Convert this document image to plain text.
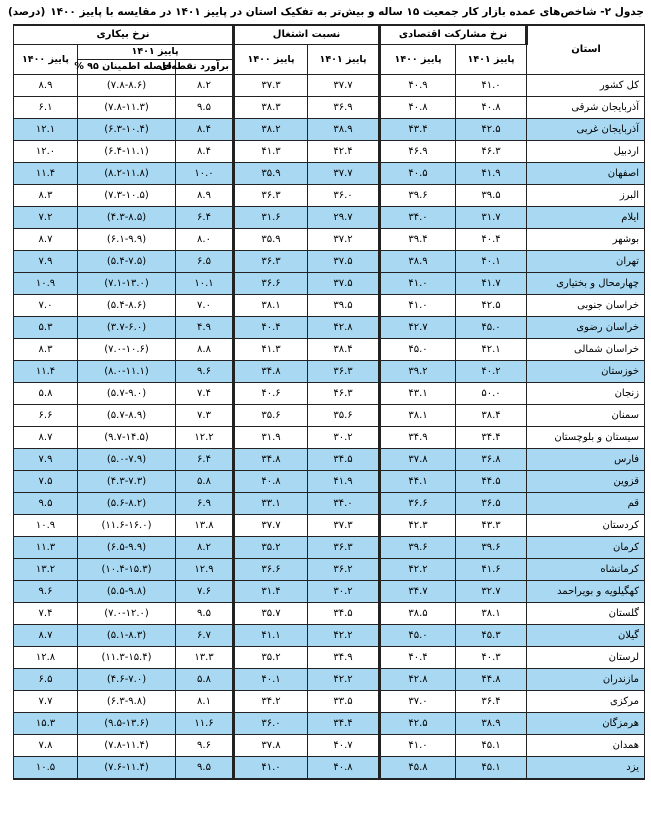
جدول ۲- شاخص‌های عمده بازار کار جمعیت ۱۵ ساله و بیش‌تر به تفکیک استان در پاییز ۱۴۰۱ در مقایسه با پاییز ۱۴۰۰
(درصد)
استان	نرخ مشارکت اقتصادی		نسبت اشتغال		نرخ بیکاری		
	پاییز ۱۴۰۱	پاییز ۱۴۰۰	پاییز ۱۴۰۱	پاییز ۱۴۰۰	پاییز ۱۴۰۱		پاییز ۱۴۰۰
					برآورد نقطه‌ای	فاصله اطمینان ۹۵ %	
کل کشور	۴۱.۰	۴۰.۹	۳۷.۷	۳۷.۳	۸.۲	(۷.۸-۸.۶)	۸.۹
آذربایجان شرقی	۴۰.۸	۴۰.۸	۳۶.۹	۳۸.۳	۹.۵	(۷.۸-۱۱.۳)	۶.۱
آذربایجان غربی	۴۲.۵	۴۳.۴	۳۸.۹	۳۸.۲	۸.۴	(۶.۳-۱۰.۴)	۱۲.۱
اردبیل	۴۶.۳	۴۶.۹	۴۲.۴	۴۱.۳	۸.۴	(۶.۴-۱۱.۱)	۱۲.۰
اصفهان	۴۱.۹	۴۰.۵	۳۷.۷	۳۵.۹	۱۰.۰	(۸.۲-۱۱.۸)	۱۱.۴
البرز	۳۹.۵	۳۹.۶	۳۶.۰	۳۶.۳	۸.۹	(۷.۳-۱۰.۵)	۸.۳
ایلام	۳۱.۷	۳۴.۰	۲۹.۷	۳۱.۶	۶.۴	(۴.۳-۸.۵)	۷.۲
بوشهر	۴۰.۴	۳۹.۴	۳۷.۲	۳۵.۹	۸.۰	(۶.۱-۹.۹)	۸.۷
تهران	۴۰.۱	۳۸.۹	۳۷.۵	۳۶.۳	۶.۵	(۵.۴-۷.۵)	۷.۹
چهارمحال و بختیاری	۴۱.۷	۴۱.۰	۳۷.۵	۳۶.۶	۱۰.۱	(۷.۱-۱۳.۰)	۱۰.۹
خراسان جنوبی	۴۲.۵	۴۱.۰	۳۹.۵	۳۸.۱	۷.۰	(۵.۴-۸.۶)	۷.۰
خراسان رضوی	۴۵.۰	۴۲.۷	۴۲.۸	۴۰.۴	۴.۹	(۳.۷-۶.۰)	۵.۳
خراسان شمالی	۴۲.۱	۴۵.۰	۳۸.۴	۴۱.۳	۸.۸	(۷.۰-۱۰.۶)	۸.۳
خوزستان	۴۰.۲	۳۹.۲	۳۶.۳	۳۴.۸	۹.۶	(۸.۰-۱۱.۱)	۱۱.۴
زنجان	۵۰.۰	۴۳.۱	۴۶.۳	۴۰.۶	۷.۴	(۵.۷-۹.۰)	۵.۸
سمنان	۳۸.۴	۳۸.۱	۳۵.۶	۳۵.۶	۷.۳	(۵.۷-۸.۹)	۶.۶
سیستان و بلوچستان	۳۴.۴	۳۴.۹	۳۰.۲	۳۱.۹	۱۲.۲	(۹.۷-۱۴.۵)	۸.۷
فارس	۳۶.۸	۳۷.۸	۳۴.۵	۳۴.۸	۶.۴	(۵.۰-۷.۹)	۷.۹
قزوین	۴۴.۵	۴۴.۱	۴۱.۹	۴۰.۸	۵.۸	(۴.۳-۷.۳)	۷.۵
قم	۳۶.۵	۳۶.۶	۳۴.۰	۳۳.۱	۶.۹	(۵.۶-۸.۲)	۹.۵
کردستان	۴۳.۳	۴۲.۳	۳۷.۳	۳۷.۷	۱۳.۸	(۱۱.۶-۱۶.۰)	۱۰.۹
کرمان	۳۹.۶	۳۹.۶	۳۶.۳	۳۵.۲	۸.۲	(۶.۵-۹.۹)	۱۱.۳
کرمانشاه	۴۱.۶	۴۲.۲	۳۶.۲	۳۶.۶	۱۲.۹	(۱۰.۴-۱۵.۳)	۱۳.۲
کهگیلویه و بویراحمد	۳۲.۷	۳۴.۷	۳۰.۲	۳۱.۴	۷.۶	(۵.۵-۹.۸)	۹.۶
گلستان	۳۸.۱	۳۸.۵	۳۴.۵	۳۵.۷	۹.۵	(۷.۰-۱۲.۰)	۷.۴
گیلان	۴۵.۳	۴۵.۰	۴۲.۲	۴۱.۱	۶.۷	(۵.۱-۸.۳)	۸.۷
لرستان	۴۰.۳	۴۰.۴	۳۴.۹	۳۵.۲	۱۳.۳	(۱۱.۳-۱۵.۴)	۱۲.۸
مازندران	۴۴.۸	۴۲.۸	۴۲.۲	۴۰.۱	۵.۸	(۴.۶-۷.۰)	۶.۵
مرکزی	۳۶.۴	۳۷.۰	۳۳.۵	۳۴.۲	۸.۱	(۶.۳-۹.۸)	۷.۷
هرمزگان	۳۸.۹	۴۲.۵	۳۴.۴	۳۶.۰	۱۱.۶	(۹.۵-۱۳.۶)	۱۵.۳
همدان	۴۵.۱	۴۱.۰	۴۰.۷	۳۷.۸	۹.۶	(۷.۸-۱۱.۴)	۷.۸
یزد	۴۵.۱	۴۵.۸	۴۰.۸	۴۱.۰	۹.۵	(۷.۶-۱۱.۴)	۱۰.۵
